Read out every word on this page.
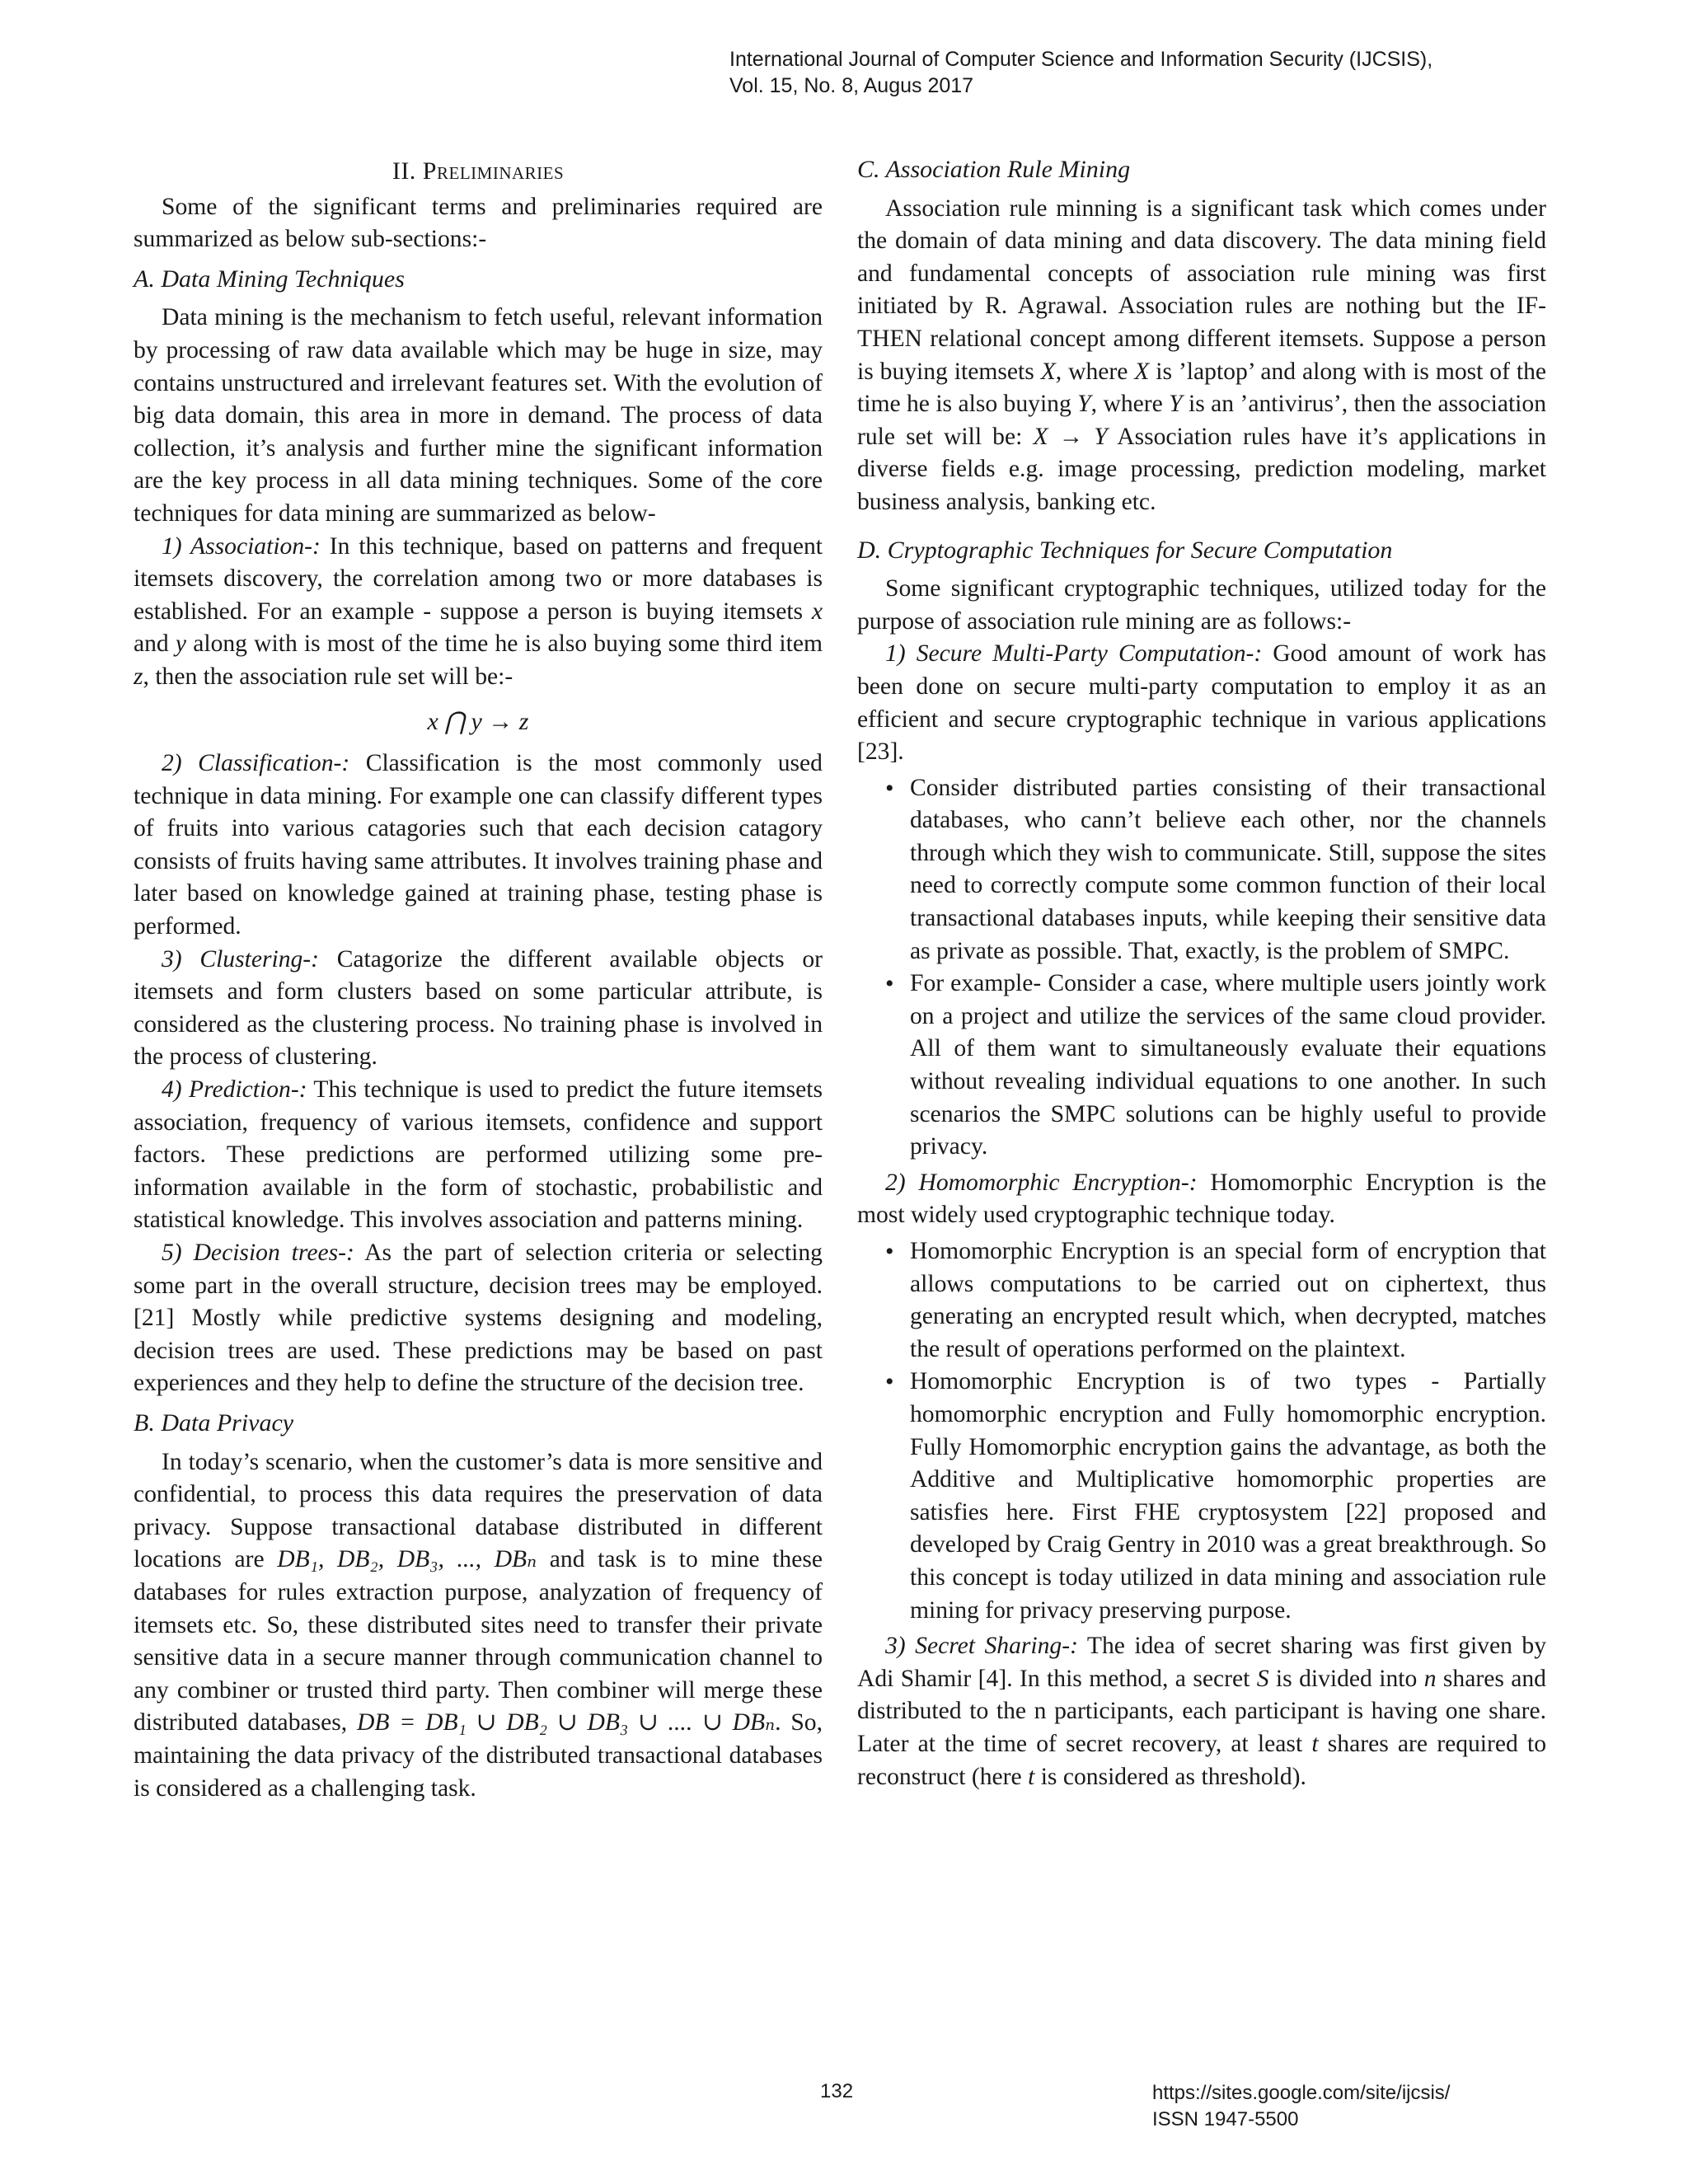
International Journal of Computer Science and Information Security (IJCSIS),
Vol. 15, No. 8, Augus 2017
II. Preliminaries

Some of the significant terms and preliminaries required are summarized as below sub-sections:-

A. Data Mining Techniques

Data mining is the mechanism to fetch useful, relevant information by processing of raw data available which may be huge in size, may contains unstructured and irrelevant features set. With the evolution of big data domain, this area in more in demand. The process of data collection, it’s analysis and further mine the significant information are the key process in all data mining techniques. Some of the core techniques for data mining are summarized as below-

1) Association-: In this technique, based on patterns and frequent itemsets discovery, the correlation among two or more databases is established. For an example - suppose a person is buying itemsets x and y along with is most of the time he is also buying some third item z, then the association rule set will be:-

x ⋂ y → z

2) Classification-: Classification is the most commonly used technique in data mining. For example one can classify different types of fruits into various catagories such that each decision catagory consists of fruits having same attributes. It involves training phase and later based on knowledge gained at training phase, testing phase is performed.

3) Clustering-: Catagorize the different available objects or itemsets and form clusters based on some particular attribute, is considered as the clustering process. No training phase is involved in the process of clustering.

4) Prediction-: This technique is used to predict the future itemsets association, frequency of various itemsets, confidence and support factors. These predictions are performed utilizing some pre-information available in the form of stochastic, probabilistic and statistical knowledge. This involves association and patterns mining.

5) Decision trees-: As the part of selection criteria or selecting some part in the overall structure, decision trees may be employed. [21] Mostly while predictive systems designing and modeling, decision trees are used. These predictions may be based on past experiences and they help to define the structure of the decision tree.

B. Data Privacy

In today’s scenario, when the customer’s data is more sensitive and confidential, to process this data requires the preservation of data privacy. Suppose transactional database distributed in different locations are DB₁, DB₂, DB₃, ..., DBₙ and task is to mine these databases for rules extraction purpose, analyzation of frequency of itemsets etc. So, these distributed sites need to transfer their private sensitive data in a secure manner through communication channel to any combiner or trusted third party. Then combiner will merge these distributed databases, DB = DB₁ ∪ DB₂ ∪ DB₃ ∪ .... ∪ DBₙ. So, maintaining the data privacy of the distributed transactional databases is considered as a challenging task.

C. Association Rule Mining

Association rule minning is a significant task which comes under the domain of data mining and data discovery. The data mining field and fundamental concepts of association rule mining was first initiated by R. Agrawal. Association rules are nothing but the IF-THEN relational concept among different itemsets. Suppose a person is buying itemsets X, where X is ’laptop’ and along with is most of the time he is also buying Y, where Y is an ’antivirus’, then the association rule set will be: X → Y Association rules have it’s applications in diverse fields e.g. image processing, prediction modeling, market business analysis, banking etc.

D. Cryptographic Techniques for Secure Computation

Some significant cryptographic techniques, utilized today for the purpose of association rule mining are as follows:-

1) Secure Multi-Party Computation-: Good amount of work has been done on secure multi-party computation to employ it as an efficient and secure cryptographic technique in various applications [23].

• Consider distributed parties consisting of their transactional databases, who cann’t believe each other, nor the channels through which they wish to communicate. Still, suppose the sites need to correctly compute some common function of their local transactional databases inputs, while keeping their sensitive data as private as possible. That, exactly, is the problem of SMPC.
• For example- Consider a case, where multiple users jointly work on a project and utilize the services of the same cloud provider. All of them want to simultaneously evaluate their equations without revealing individual equations to one another. In such scenarios the SMPC solutions can be highly useful to provide privacy.

2) Homomorphic Encryption-: Homomorphic Encryption is the most widely used cryptographic technique today.

• Homomorphic Encryption is an special form of encryption that allows computations to be carried out on ciphertext, thus generating an encrypted result which, when decrypted, matches the result of operations performed on the plaintext.
• Homomorphic Encryption is of two types - Partially homomorphic encryption and Fully homomorphic encryption. Fully Homomorphic encryption gains the advantage, as both the Additive and Multiplicative homomorphic properties are satisfies here. First FHE cryptosystem [22] proposed and developed by Craig Gentry in 2010 was a great breakthrough. So this concept is today utilized in data mining and association rule mining for privacy preserving purpose.

3) Secret Sharing-: The idea of secret sharing was first given by Adi Shamir [4]. In this method, a secret S is divided into n shares and distributed to the n participants, each participant is having one share. Later at the time of secret recovery, at least t shares are required to reconstruct (here t is considered as threshold).

132	https://sites.google.com/site/ijcsis/
ISSN 1947-5500
